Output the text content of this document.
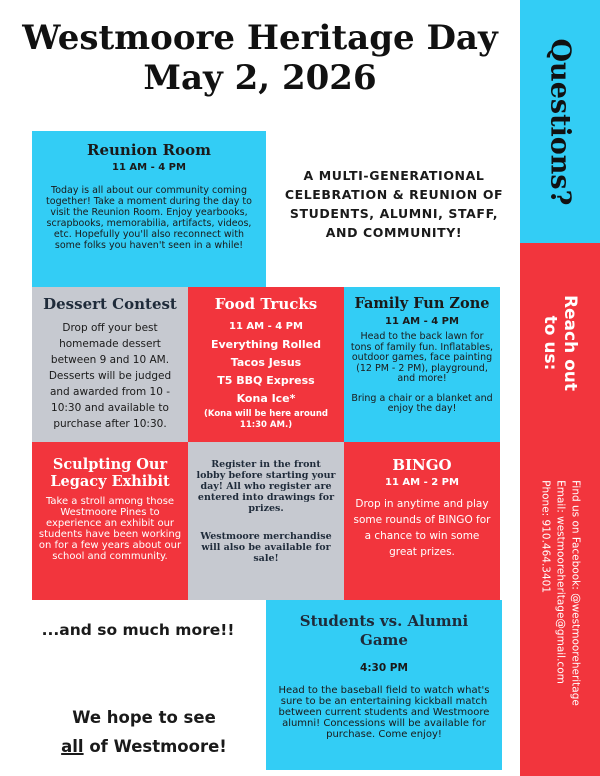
Westmoore Heritage Day
May 2, 2026
Reunion Room
11 AM - 4 PM
Today is all about our community coming together! Take a moment during the day to visit the Reunion Room. Enjoy yearbooks, scrapbooks, memorabilia, artifacts, videos, etc. Hopefully you'll also reconnect with some folks you haven't seen in a while!
A MULTI-GENERATIONAL CELEBRATION & REUNION OF STUDENTS, ALUMNI, STAFF, AND COMMUNITY!
Dessert Contest
Drop off your best homemade dessert between 9 and 10 AM. Desserts will be judged and awarded from 10 - 10:30 and available to purchase after 10:30.
Food Trucks
11 AM - 4 PM
Everything Rolled
Tacos Jesus
T5 BBQ Express
Kona Ice*
(Kona will be here around 11:30 AM.)
Family Fun Zone
11 AM - 4 PM
Head to the back lawn for tons of family fun. Inflatables, outdoor games, face painting (12 PM - 2 PM), playground, and more!
Bring a chair or a blanket and enjoy the day!
Sculpting Our Legacy Exhibit
Take a stroll among those Westmoore Pines to experience an exhibit our students have been working on for a few years about our school and community.
Register in the front lobby before starting your day! All who register are entered into drawings for prizes.
Westmoore merchandise will also be available for sale!
BINGO
11 AM - 2 PM
Drop in anytime and play some rounds of BINGO for a chance to win some great prizes.
Students vs. Alumni Game
4:30 PM
Head to the baseball field to watch what's sure to be an entertaining kickball match between current students and Westmoore alumni! Concessions will be available for purchase. Come enjoy!
...and so much more!!
We hope to see
all of Westmoore!
Questions?
Reach out to us:
Find us on Facebook: @westmooreheritage
Email: westmooreheritage@gmail.com
Phone: 910.464.3401
